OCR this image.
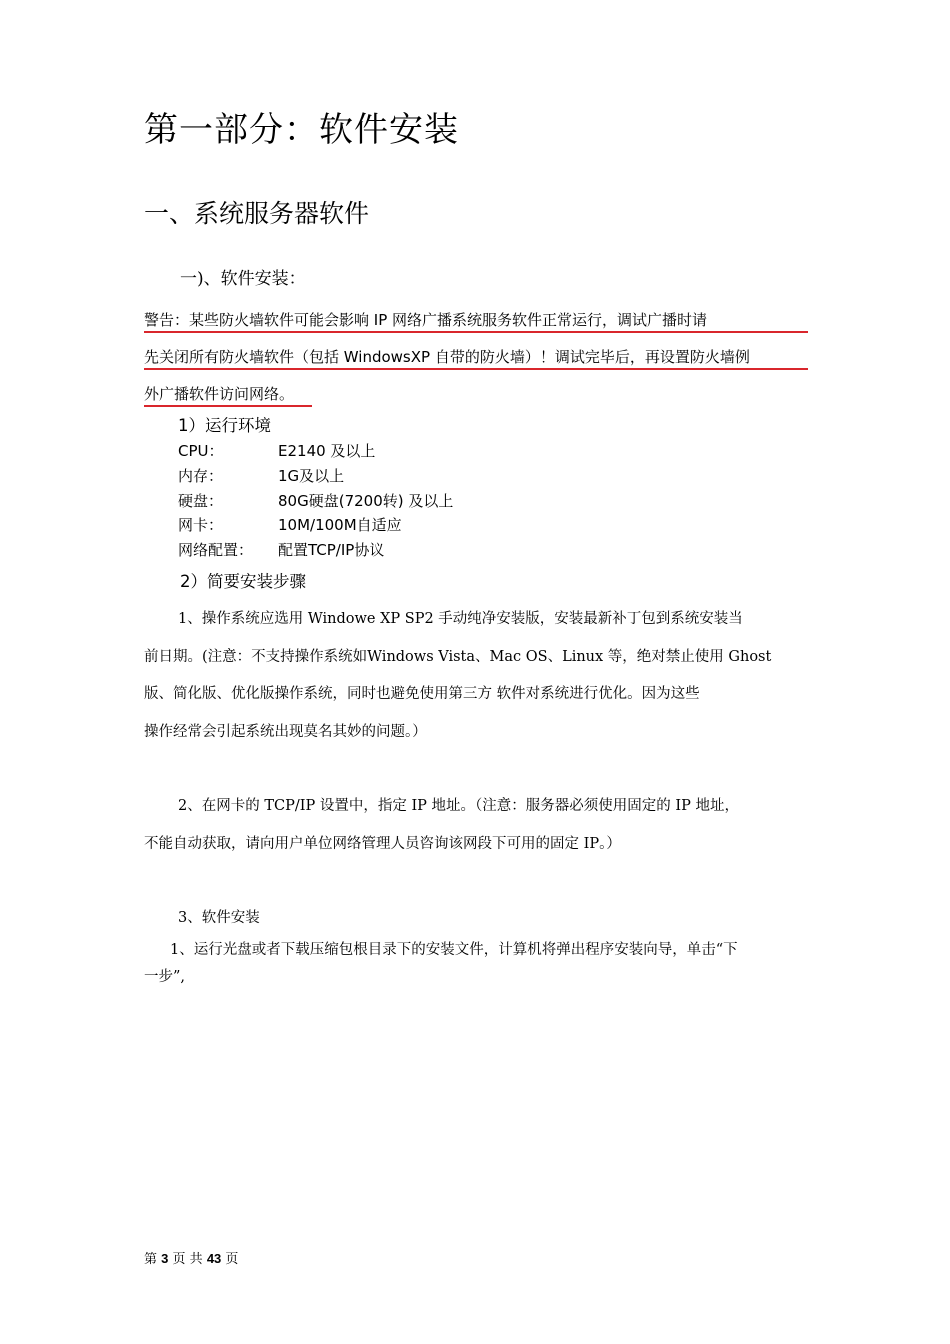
第一部分：软件安装
一、系统服务器软件
一)、软件安装：
警告：某些防火墙软件可能会影响 IP 网络广播系统服务软件正常运行，调试广播时请
先关闭所有防火墙软件（包括 WindowsXP 自带的防火墙）！调试完毕后，再设置防火墙例
外广播软件访问网络。
1）运行环境
CPU：	E2140 及以上
内存：	1G及以上
硬盘：	80G硬盘(7200转) 及以上
网卡：	10M/100M自适应
网络配置： 配置TCP/IP协议
2）简要安装步骤
1、操作系统应选用 Windowe XP SP2 手动纯净安装版，安装最新补丁包到系统安装当
前日期。(注意：不支持操作系统如Windows Vista、Mac OS、Linux 等，绝对禁止使用 Ghost
版、简化版、优化版操作系统，同时也避免使用第三方 软件对系统进行优化。因为这些
操作经常会引起系统出现莫名其妙的问题。）
2、在网卡的 TCP/IP 设置中，指定 IP 地址。（注意：服务器必须使用固定的 IP 地址，
不能自动获取，请向用户单位网络管理人员咨询该网段下可用的固定 IP。）
3、软件安装
1、运行光盘或者下载压缩包根目录下的安装文件，计算机将弹出程序安装向导，单击“下
一步”,
第 3 页 共 43 页
